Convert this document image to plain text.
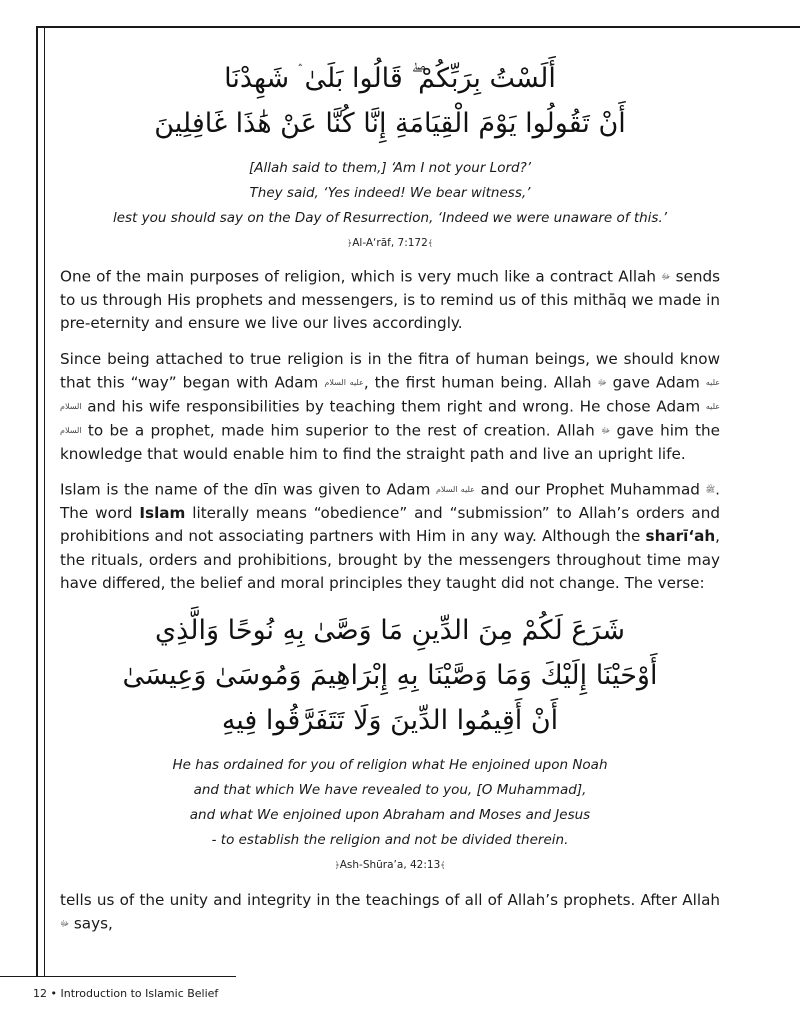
أَلَسْتُ بِرَبِّكُمْ ۖ قَالُوا بَلَىٰ ۛ شَهِدْنَا
أَنْ تَقُولُوا يَوْمَ الْقِيَامَةِ إِنَّا كُنَّا عَنْ هَٰذَا غَافِلِينَ
[Allah said to them,] ‘Am I not your Lord?’
They said, ‘Yes indeed! We bear witness,’
lest you should say on the Day of Resurrection, ‘Indeed we were unaware of this.’
﴿Al-A‘rāf, 7:172﴾

One of the main purposes of religion, which is very much like a contract Allah ﷻ sends to us through His prophets and messengers, is to remind us of this mithāq we made in pre-eternity and ensure we live our lives accordingly.

Since being attached to true religion is in the fitra of human beings, we should know that this “way” began with Adam عليه السلام, the first human being. Allah ﷻ gave Adam عليه السلام and his wife responsibilities by teaching them right and wrong. He chose Adam عليه السلام to be a prophet, made him superior to the rest of creation. Allah ﷻ gave him the knowledge that would enable him to find the straight path and live an upright life.

Islam is the name of the dīn was given to Adam عليه السلام and our Prophet Muhammad ﷺ. The word Islam literally means “obedience” and “submission” to Allah’s orders and prohibitions and not associating partners with Him in any way. Although the sharī‘ah, the rituals, orders and prohibitions, brought by the messengers throughout time may have differed, the belief and moral principles they taught did not change. The verse:

شَرَعَ لَكُمْ مِنَ الدِّينِ مَا وَصَّىٰ بِهِ نُوحًا وَالَّذِي
أَوْحَيْنَا إِلَيْكَ وَمَا وَصَّيْنَا بِهِ إِبْرَاهِيمَ وَمُوسَىٰ وَعِيسَىٰ
أَنْ أَقِيمُوا الدِّينَ وَلَا تَتَفَرَّقُوا فِيهِ
He has ordained for you of religion what He enjoined upon Noah
and that which We have revealed to you, [O Muhammad],
and what We enjoined upon Abraham and Moses and Jesus
- to establish the religion and not be divided therein.
﴿Ash-Shūra’a, 42:13﴾

tells us of the unity and integrity in the teachings of all of Allah’s prophets. After Allah ﷻ says,

12 • Introduction to Islamic Belief
